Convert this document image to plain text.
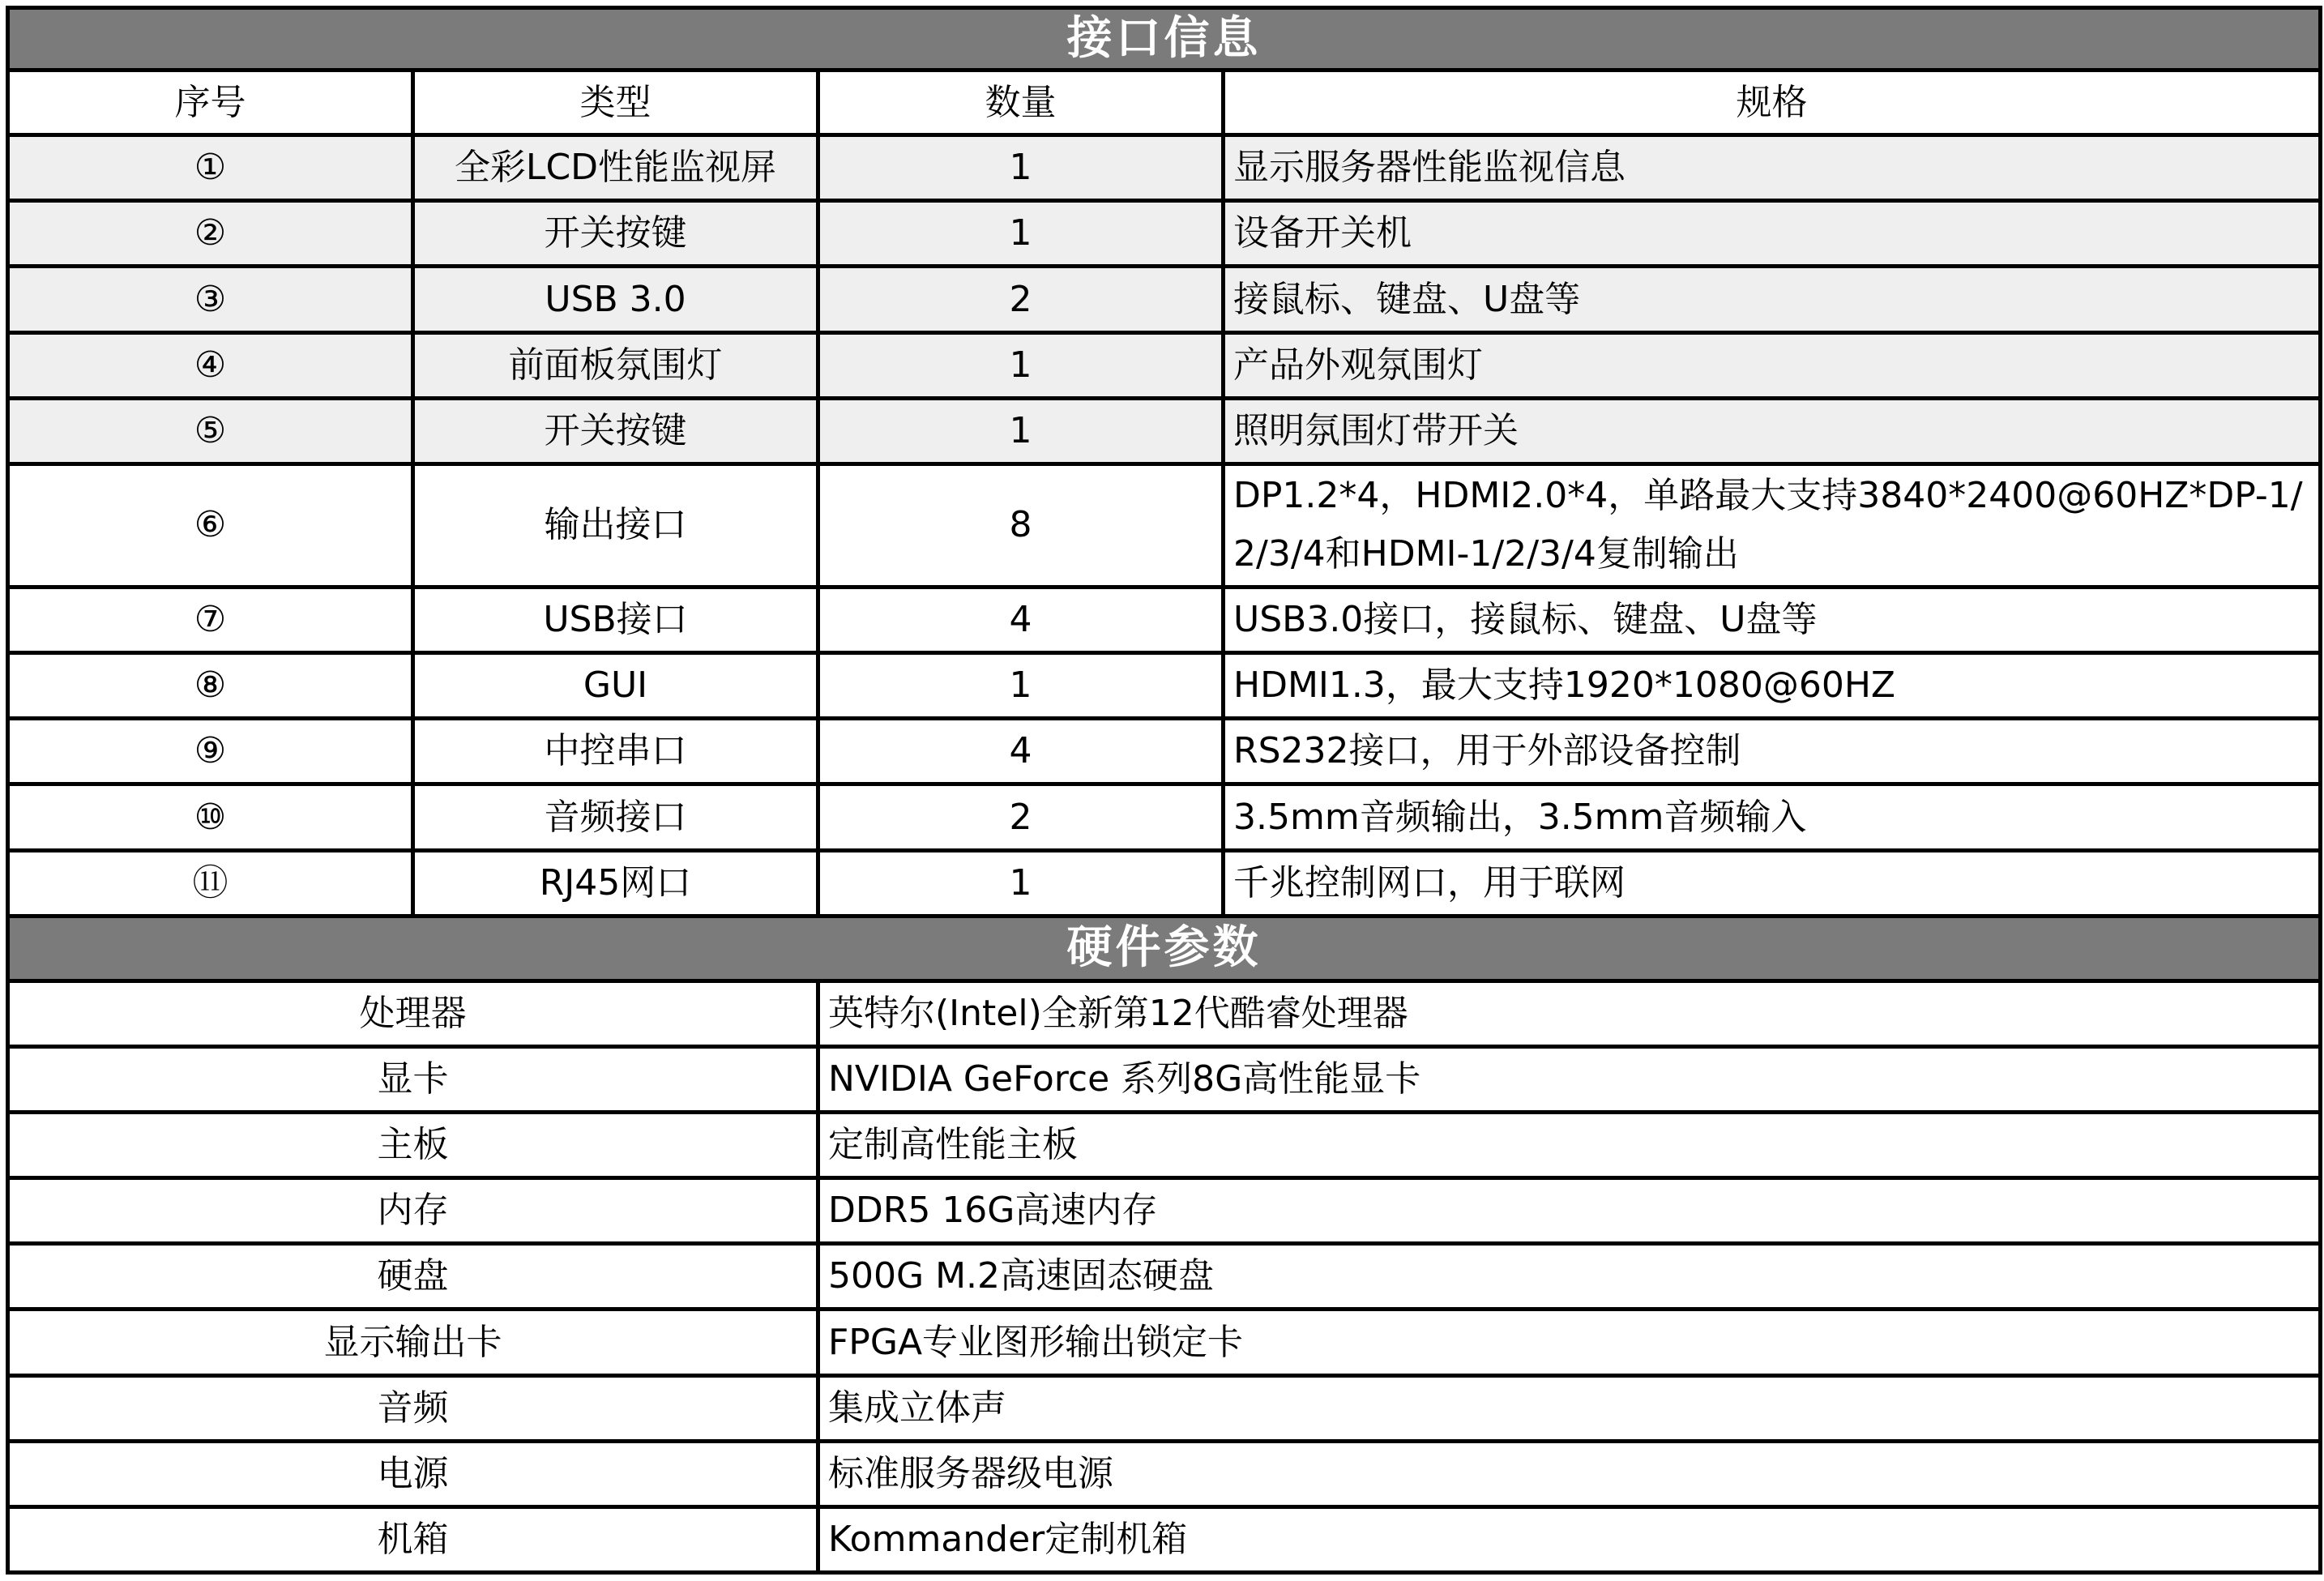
接口信息			
序号	类型	数量	规格
①	全彩LCD性能监视屏	1	显示服务器性能监视信息
②	开关按键	1	设备开关机
③	USB 3.0	2	接鼠标、键盘、U盘等
④	前面板氛围灯	1	产品外观氛围灯
⑤	开关按键	1	照明氛围灯带开关
⑥	输出接口	8	DP1.2*4，HDMI2.0*4，单路最大支持3840*2400@60HZ*DP-1/2/3/4和HDMI-1/2/3/4复制输出
⑦	USB接口	4	USB3.0接口，接鼠标、键盘、U盘等
⑧	GUI	1	HDMI1.3，最大支持1920*1080@60HZ
⑨	中控串口	4	RS232接口，用于外部设备控制
⑩	音频接口	2	3.5mm音频输出，3.5mm音频输入
⑪	RJ45网口	1	千兆控制网口，用于联网
硬件参数			
处理器		英特尔(Intel)全新第12代酷睿处理器	
显卡		NVIDIA GeForce 系列8G高性能显卡	
主板		定制高性能主板	
内存		DDR5 16G高速内存	
硬盘		500G M.2高速固态硬盘	
显示输出卡		FPGA专业图形输出锁定卡	
音频		集成立体声	
电源		标准服务器级电源	
机箱		Kommander定制机箱	
